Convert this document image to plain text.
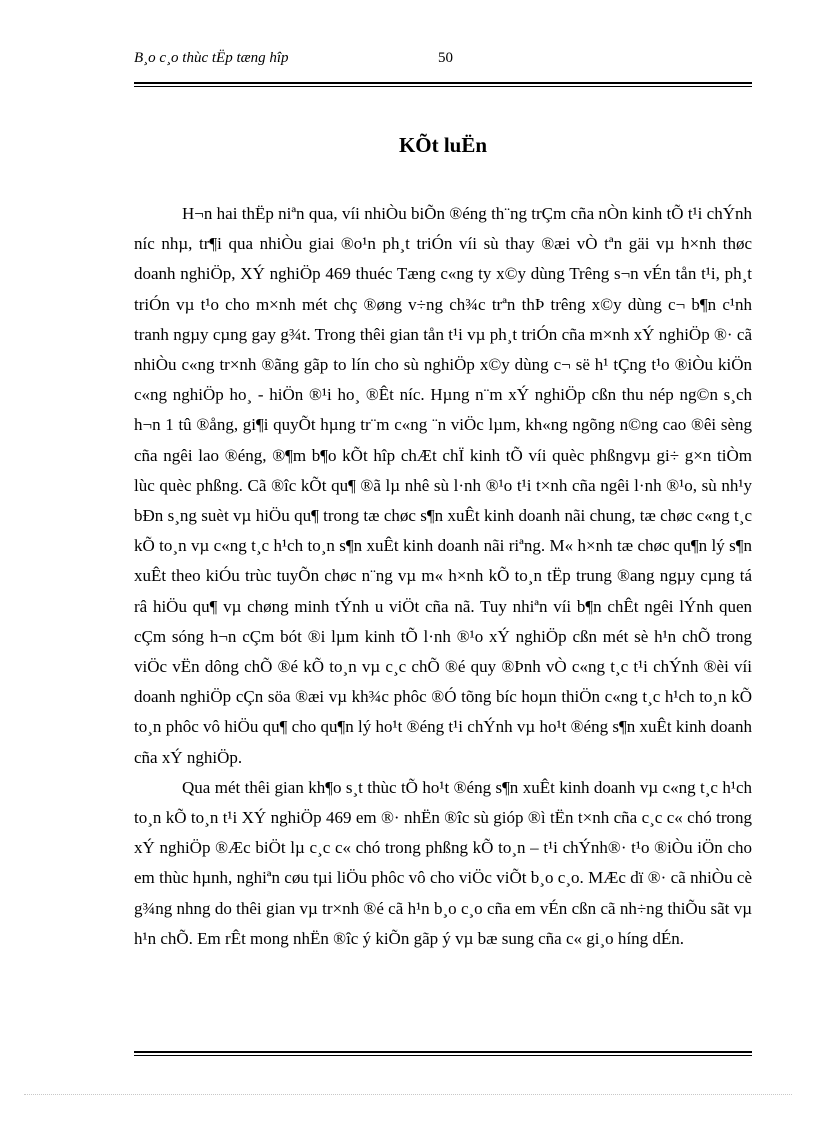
B¸o c¸o thùc tËp tæng hîp	50
KÕt luËn

H¬n hai thËp niªn qua, víi nhiÒu biÕn ®éng th¨ng trÇm cña nÒn kinh tÕ t¹i chÝnh níc nhµ, tr¶i qua nhiÒu giai ®o¹n ph¸t triÓn víi sù thay ®æi vÒ tªn gäi vµ h×nh thøc doanh nghiÖp, XÝ nghiÖp 469 thuéc Tæng c«ng ty x©y dùng Trêng s¬n vÉn tån t¹i, ph¸t triÓn vµ t¹o cho m×nh mét chç ®øng v÷ng ch¾c trªn thÞ trêng x©y dùng c¬ b¶n c¹nh tranh ngµy cµng gay g¾t. Trong thêi gian tån t¹i vµ ph¸t triÓn cña m×nh xÝ nghiÖp ®· cã nhiÒu c«ng tr×nh ®ãng gãp to lín cho sù nghiÖp x©y dùng c¬ së h¹ tÇng t¹o ®iÒu kiÖn c«ng nghiÖp ho¸ - hiÖn ®¹i ho¸ ®Êt níc. Hµng n¨m xÝ nghiÖp cßn thu nép ng©n s¸ch h¬n 1 tû ®ång, gi¶i quyÕt hµng tr¨m c«ng ¨n viÖc lµm, kh«ng ngõng n©ng cao ®êi sèng cña ngêi lao ®éng, ®¶m b¶o kÕt hîp chÆt chÏ kinh tÕ víi quèc phßngvµ gi÷ g×n tiÒm lùc quèc phßng. Cã ®îc kÕt qu¶ ®ã lµ nhê sù l·nh ®¹o t¹i t×nh cña ngêi l·nh ®¹o, sù nh¹y bÐn s¸ng suèt vµ hiÖu qu¶ trong tæ chøc s¶n xuÊt kinh doanh nãi chung, tæ chøc c«ng t¸c kÕ to¸n vµ c«ng t¸c h¹ch to¸n s¶n xuÊt kinh doanh nãi riªng. M« h×nh tæ chøc qu¶n lý s¶n xuÊt theo kiÓu trùc tuyÕn chøc n¨ng vµ m« h×nh kÕ to¸n tËp trung ®ang ngµy cµng tá râ hiÖu qu¶ vµ chøng minh tÝnh u viÖt cña nã. Tuy nhiªn víi b¶n chÊt ngêi lÝnh quen cÇm sóng h¬n cÇm bót ®i lµm kinh tÕ l·nh ®¹o xÝ nghiÖp cßn mét sè h¹n chÕ trong viÖc vËn dông chÕ ®é kÕ to¸n vµ c¸c chÕ ®é quy ®Þnh vÒ c«ng t¸c t¹i chÝnh ®èi víi doanh nghiÖp cÇn söa ®æi vµ kh¾c phôc ®Ó tõng bíc hoµn thiÖn c«ng t¸c h¹ch to¸n kÕ to¸n phôc vô hiÖu qu¶ cho qu¶n lý ho¹t ®éng t¹i chÝnh vµ ho¹t ®éng s¶n xuÊt kinh doanh cña xÝ nghiÖp.

Qua mét thêi gian kh¶o s¸t thùc tÕ ho¹t ®éng s¶n xuÊt kinh doanh vµ c«ng t¸c h¹ch to¸n kÕ to¸n t¹i XÝ nghiÖp 469 em ®· nhËn ®îc sù gióp ®ì tËn t×nh cña c¸c c« chó trong xÝ nghiÖp ®Æc biÖt lµ c¸c c« chó trong phßng kÕ to¸n – t¹i chÝnh®· t¹o ®iÒu iÖn cho em thùc hµnh, nghiªn cøu tµi liÖu phôc vô cho viÖc viÕt b¸o c¸o. MÆc dï ®· cã nhiÒu cè g¾ng nhng do thêi gian vµ tr×nh ®é cã h¹n b¸o c¸o cña em vÉn cßn cã nh÷ng thiÕu sãt vµ h¹n chÕ. Em rÊt mong nhËn ®îc ý kiÕn gãp ý vµ bæ sung cña c« gi¸o híng dÉn.
